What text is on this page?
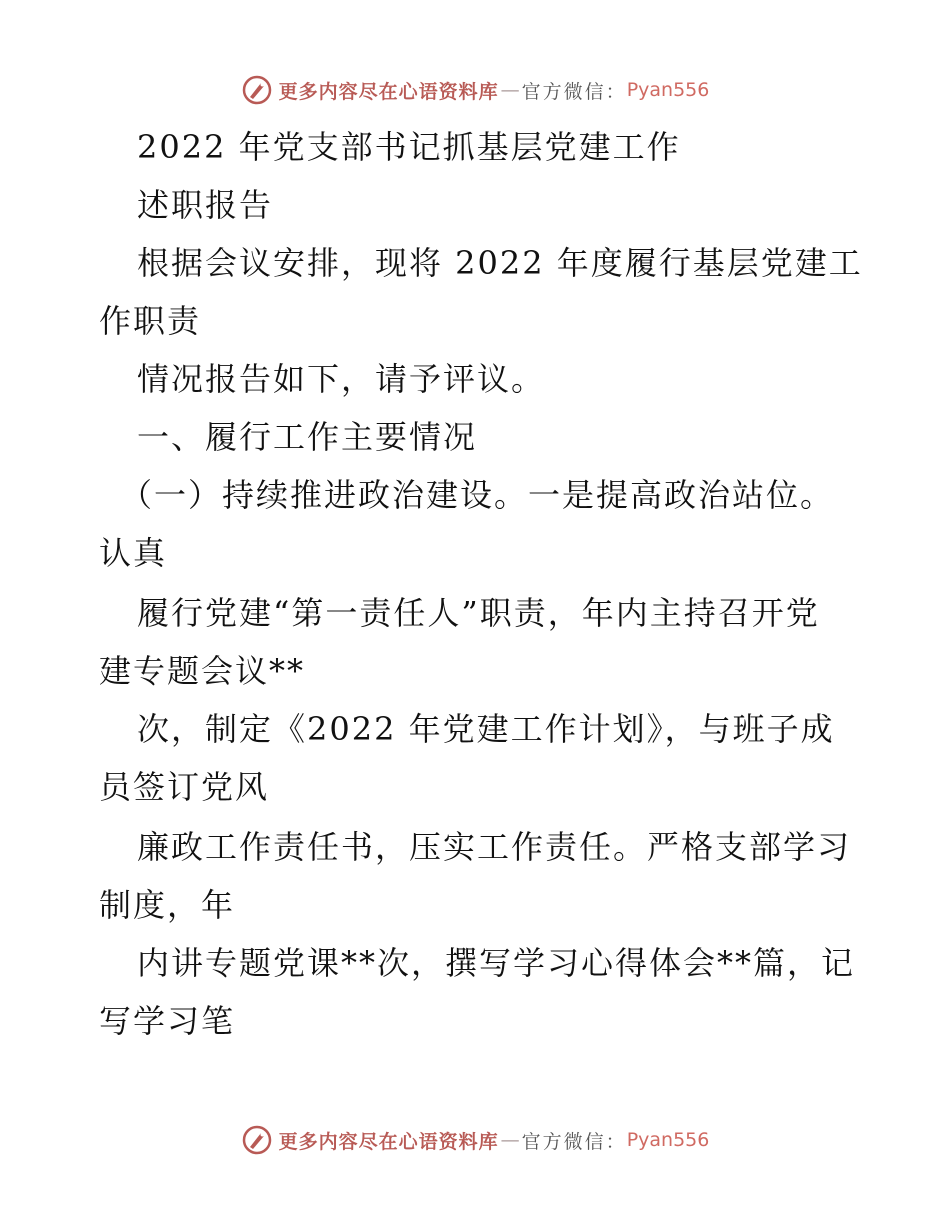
更多内容尽在心语资料库 — 官方微信： Pyan556
2022 年党支部书记抓基层党建工作
述职报告
根据会议安排，现将 2022 年度履行基层党建工
作职责
情况报告如下，请予评议。
一、履行工作主要情况
（一）持续推进政治建设。一是提高政治站位。
认真
履行党建“第一责任人”职责，年内主持召开党
建专题会议**
次，制定《2022 年党建工作计划》，与班子成
员签订党风
廉政工作责任书，压实工作责任。严格支部学习
制度，年
内讲专题党课**次，撰写学习心得体会**篇，记
写学习笔
更多内容尽在心语资料库 — 官方微信： Pyan556
